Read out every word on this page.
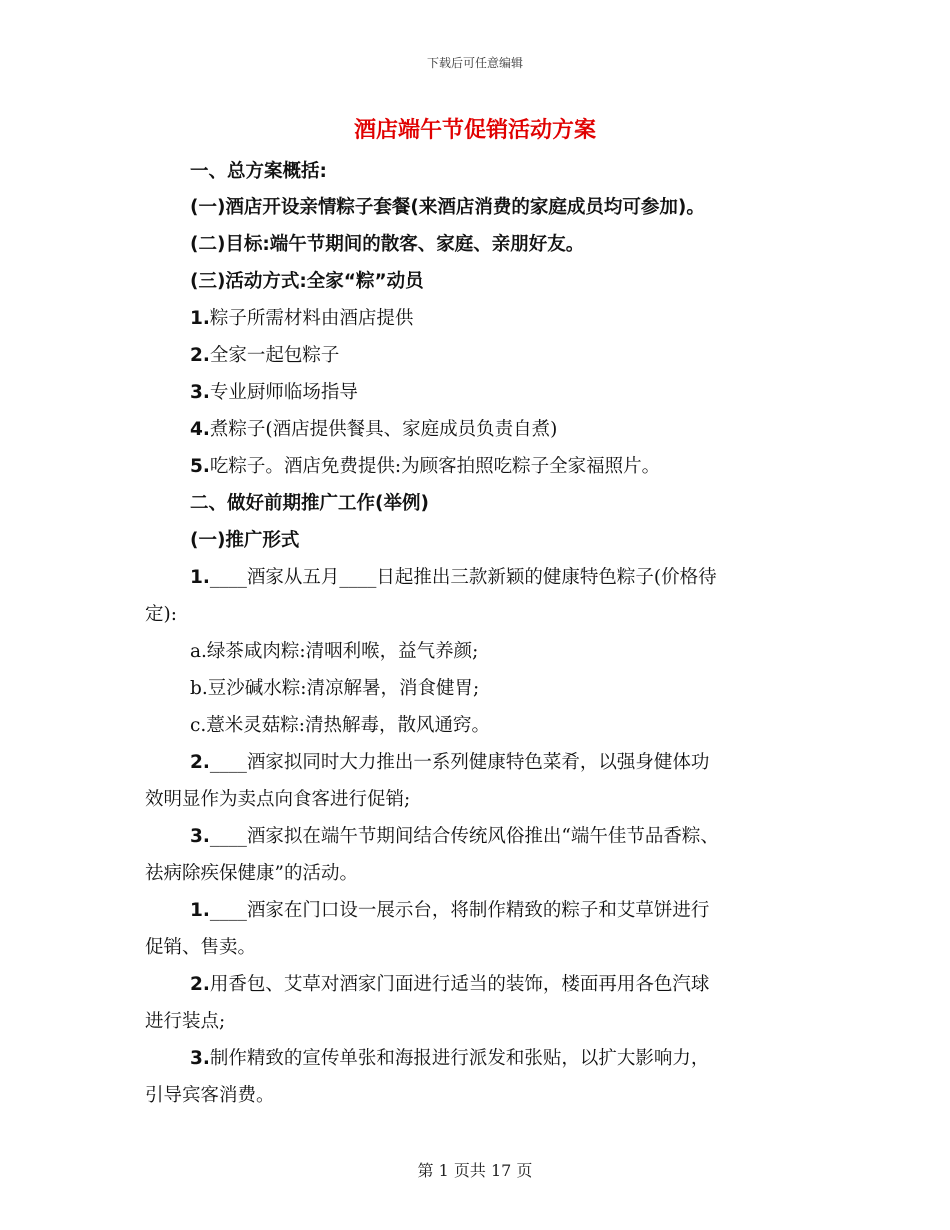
下载后可任意编辑
酒店端午节促销活动方案
一、总方案概括:
(一)酒店开设亲情粽子套餐(来酒店消费的家庭成员均可参加)。
(二)目标:端午节期间的散客、家庭、亲朋好友。
(三)活动方式:全家“粽”动员
1.粽子所需材料由酒店提供
2.全家一起包粽子
3.专业厨师临场指导
4.煮粽子(酒店提供餐具、家庭成员负责自煮)
5.吃粽子。酒店免费提供:为顾客拍照吃粽子全家福照片。
二、做好前期推广工作(举例)
(一)推广形式
1.____酒家从五月____日起推出三款新颖的健康特色粽子(价格待
定):
a.绿茶咸肉粽:清咽利喉，益气养颜;
b.豆沙碱水粽:清凉解暑，消食健胃;
c.薏米灵菇粽:清热解毒，散风通窍。
2.____酒家拟同时大力推出一系列健康特色菜肴，以强身健体功
效明显作为卖点向食客进行促销;
3.____酒家拟在端午节期间结合传统风俗推出“端午佳节品香粽、
祛病除疾保健康”的活动。
1.____酒家在门口设一展示台，将制作精致的粽子和艾草饼进行
促销、售卖。
2.用香包、艾草对酒家门面进行适当的装饰，楼面再用各色汽球
进行装点;
3.制作精致的宣传单张和海报进行派发和张贴，以扩大影响力，
引导宾客消费。
第 1 页共 17 页
